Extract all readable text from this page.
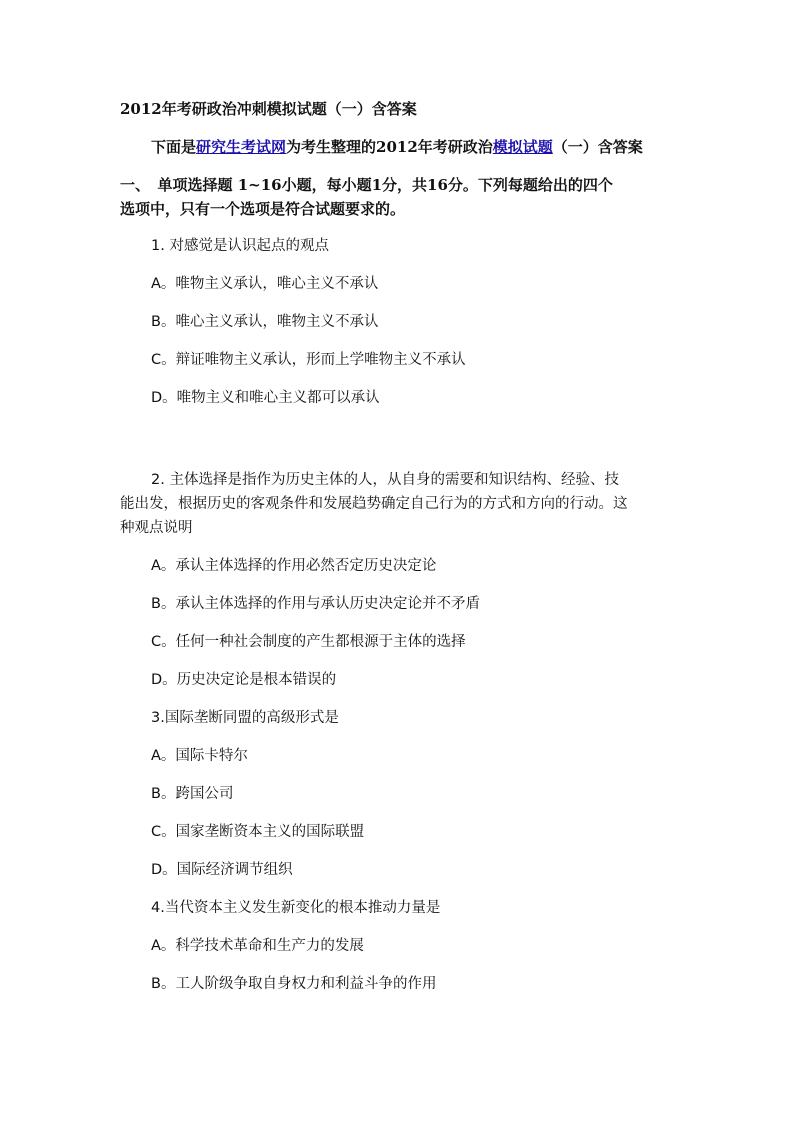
2012年考研政治冲刺模拟试题（一）含答案
下面是研究生考试网为考生整理的2012年考研政治模拟试题（一）含答案
一、　单项选择题 1~16小题，每小题1分，共16分。下列每题给出的四个
选项中，只有一个选项是符合试题要求的。
1. 对感觉是认识起点的观点
A。唯物主义承认，唯心主义不承认
B。唯心主义承认，唯物主义不承认
C。辩证唯物主义承认，形而上学唯物主义不承认
D。唯物主义和唯心主义都可以承认
2. 主体选择是指作为历史主体的人，从自身的需要和知识结构、经验、技
能出发，根据历史的客观条件和发展趋势确定自己行为的方式和方向的行动。这
种观点说明
A。承认主体选择的作用必然否定历史决定论
B。承认主体选择的作用与承认历史决定论并不矛盾
C。任何一种社会制度的产生都根源于主体的选择
D。历史决定论是根本错误的
3.国际垄断同盟的高级形式是
A。国际卡特尔
B。跨国公司
C。国家垄断资本主义的国际联盟
D。国际经济调节组织
4.当代资本主义发生新变化的根本推动力量是
A。科学技术革命和生产力的发展
B。工人阶级争取自身权力和利益斗争的作用
